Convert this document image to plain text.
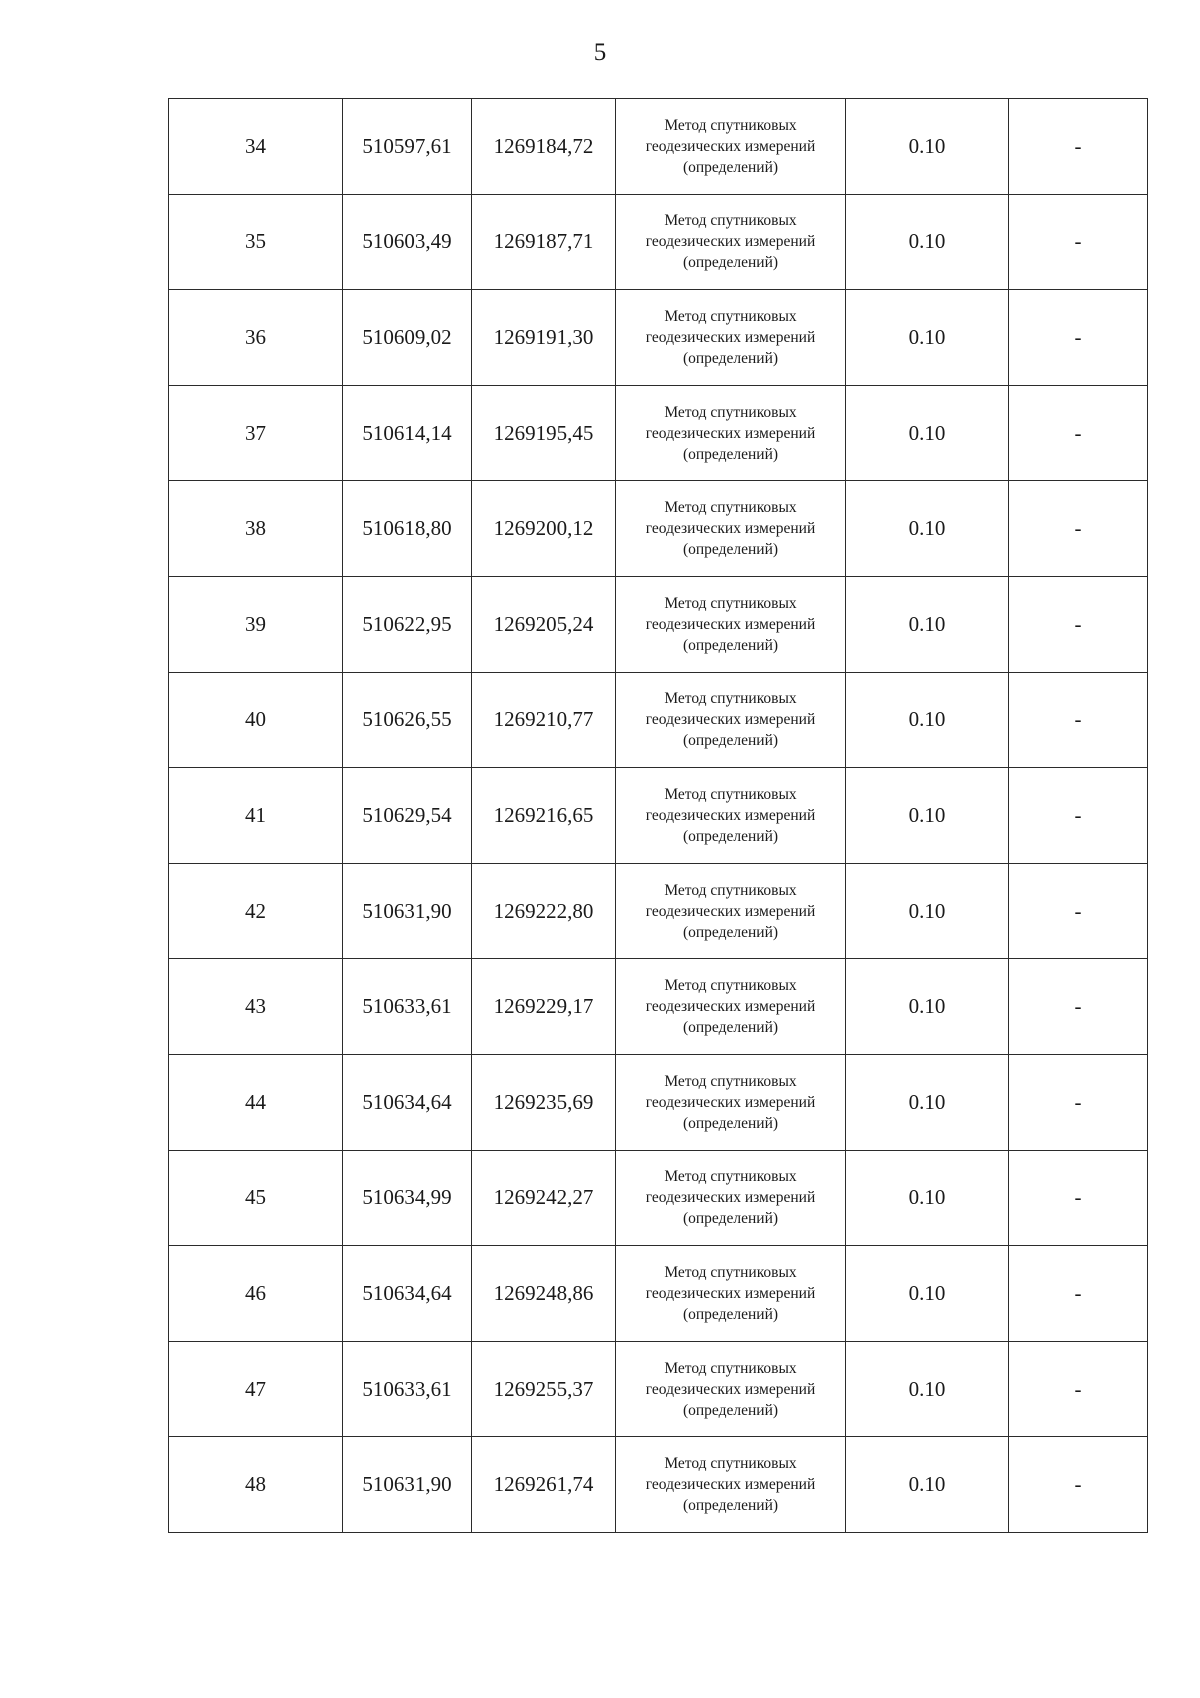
5
34	510597,61	1269184,72	Метод спутниковых
геодезических измерений
(определений)	0.10	-
35	510603,49	1269187,71	Метод спутниковых
геодезических измерений
(определений)	0.10	-
36	510609,02	1269191,30	Метод спутниковых
геодезических измерений
(определений)	0.10	-
37	510614,14	1269195,45	Метод спутниковых
геодезических измерений
(определений)	0.10	-
38	510618,80	1269200,12	Метод спутниковых
геодезических измерений
(определений)	0.10	-
39	510622,95	1269205,24	Метод спутниковых
геодезических измерений
(определений)	0.10	-
40	510626,55	1269210,77	Метод спутниковых
геодезических измерений
(определений)	0.10	-
41	510629,54	1269216,65	Метод спутниковых
геодезических измерений
(определений)	0.10	-
42	510631,90	1269222,80	Метод спутниковых
геодезических измерений
(определений)	0.10	-
43	510633,61	1269229,17	Метод спутниковых
геодезических измерений
(определений)	0.10	-
44	510634,64	1269235,69	Метод спутниковых
геодезических измерений
(определений)	0.10	-
45	510634,99	1269242,27	Метод спутниковых
геодезических измерений
(определений)	0.10	-
46	510634,64	1269248,86	Метод спутниковых
геодезических измерений
(определений)	0.10	-
47	510633,61	1269255,37	Метод спутниковых
геодезических измерений
(определений)	0.10	-
48	510631,90	1269261,74	Метод спутниковых
геодезических измерений
(определений)	0.10	-
